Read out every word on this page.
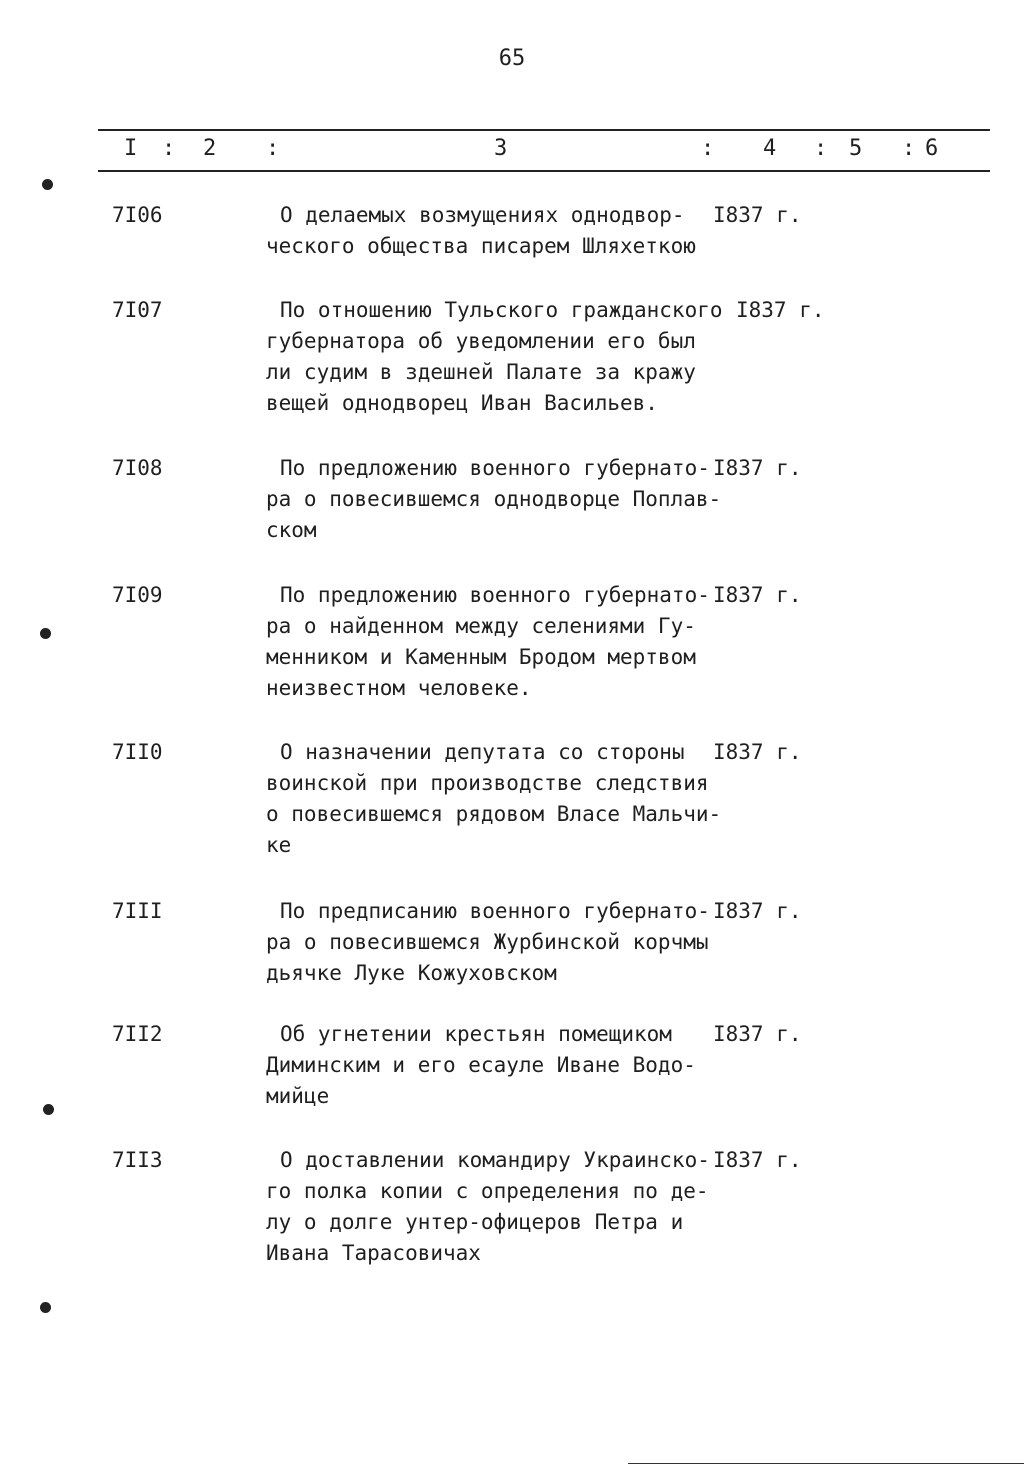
65
I : 2 :	3	: 4 : 5 : 6
7I06	О делаемых возмущениях однодвор-
ческого общества писарем Шляхеткою
I837 г.
7I07	По отношению Тульского гражданского
губернатора об уведомлении его был
ли судим в здешней Палате за кражу
вещей однодворец Иван Васильев.
I837 г.
7I08	По предложению военного губернато-
ра о повесившемся однодворце Поплав-
ском
I837 г.
7I09	По предложению военного губернато-
ра о найденном между селениями Гу-
менником и Каменным Бродом мертвом
неизвестном человеке.
I837 г.
7II0	О назначении депутата со стороны
воинской при производстве следствия
о повесившемся рядовом Власе Мальчи-
ке
I837 г.
7III	По предписанию военного губернато-
ра о повесившемся Журбинской корчмы
дьячке Луке Кожуховском
I837 г.
7II2	Об угнетении крестьян помещиком
Диминским и его есауле Иване Водо-
мийце
I837 г.
7II3	О доставлении командиру Украинско-
го полка копии с определения по де-
лу о долге унтер-офицеров Петра и
Ивана Тарасовичах
I837 г.
